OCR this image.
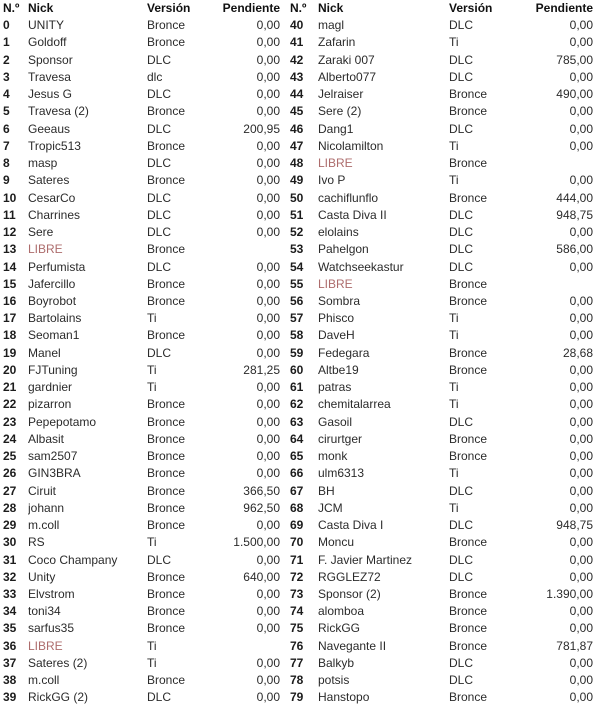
N.º Nick	Versión	Pendiente
0	UNITY	Bronce	0,00
1	Goldoff	Bronce	0,00
2	Sponsor	DLC	0,00
3	Travesa	dlc	0,00
4	Jesus G	DLC	0,00
5	Travesa (2)	Bronce	0,00
6	Geeaus	DLC	200,95
7	Tropic513	Bronce	0,00
8	masp	DLC	0,00
9	Sateres	Bronce	0,00
10 CesarCo	DLC	0,00
11	Charrines	DLC	0,00
12 Sere	DLC	0,00
13 LIBRE	Bronce
14 Perfumista	DLC	0,00
15 Jafercillo	Bronce	0,00
16 Boyrobot	Bronce	0,00
17 Bartolains	Ti	0,00
18 Seoman1	Bronce	0,00
19 Manel	DLC	0,00
20 FJTuning	Ti	281,25
21 gardnier	Ti	0,00
22 pizarron	Bronce	0,00
23 Pepepotamo	Bronce	0,00
24 Albasit	Bronce	0,00
25 sam2507	Bronce	0,00
26 GIN3BRA	Bronce	0,00
27 Ciruit	Bronce	366,50
28 johann	Bronce	962,50
29 m.coll	Bronce	0,00
30 RS	Ti	1.500,00
31 Coco Champany	DLC	0,00
32 Unity	Bronce	640,00
33 Elvstrom	Bronce	0,00
34 toni34	Bronce	0,00
35 sarfus35	Bronce	0,00
36 LIBRE	Ti
37 Sateres (2)	Ti	0,00
38 m.coll	Bronce	0,00
39 RickGG (2)	DLC	0,00
N.º Nick	Versión	Pendiente
40	magl	DLC	0,00
41	Zafarin	Ti	0,00
42	Zaraki 007	DLC	785,00
43	Alberto077	DLC	0,00
44	Jelraiser	Bronce	490,00
45	Sere (2)	Bronce	0,00
46	Dang1	DLC	0,00
47	Nicolamilton	Ti	0,00
48	LIBRE	Bronce
49	Ivo P	Ti	0,00
50	cachiflunflo	Bronce	444,00
51	Casta Diva II	DLC	948,75
52	elolains	DLC	0,00
53	Pahelgon	DLC	586,00
54	Watchseekastur	DLC	0,00
55	LIBRE	Bronce
56	Sombra	Bronce	0,00
57	Phisco	Ti	0,00
58	DaveH	Ti	0,00
59	Fedegara	Bronce	28,68
60	Altbe19	Bronce	0,00
61	patras	Ti	0,00
62	chemitalarrea	Ti	0,00
63	Gasoil	DLC	0,00
64	cirurtger	Bronce	0,00
65	monk	Bronce	0,00
66	ulm6313	Ti	0,00
67	BH	DLC	0,00
68	JCM	Ti	0,00
69	Casta Diva I	DLC	948,75
70	Moncu	Bronce	0,00
71	F. Javier Martinez	DLC	0,00
72	RGGLEZ72	DLC	0,00
73	Sponsor (2)	Bronce	1.390,00
74	alomboa	Bronce	0,00
75	RickGG	Bronce	0,00
76	Navegante II	Bronce	781,87
77	Balkyb	DLC	0,00
78	potsis	DLC	0,00
79	Hanstopo	Bronce	0,00
